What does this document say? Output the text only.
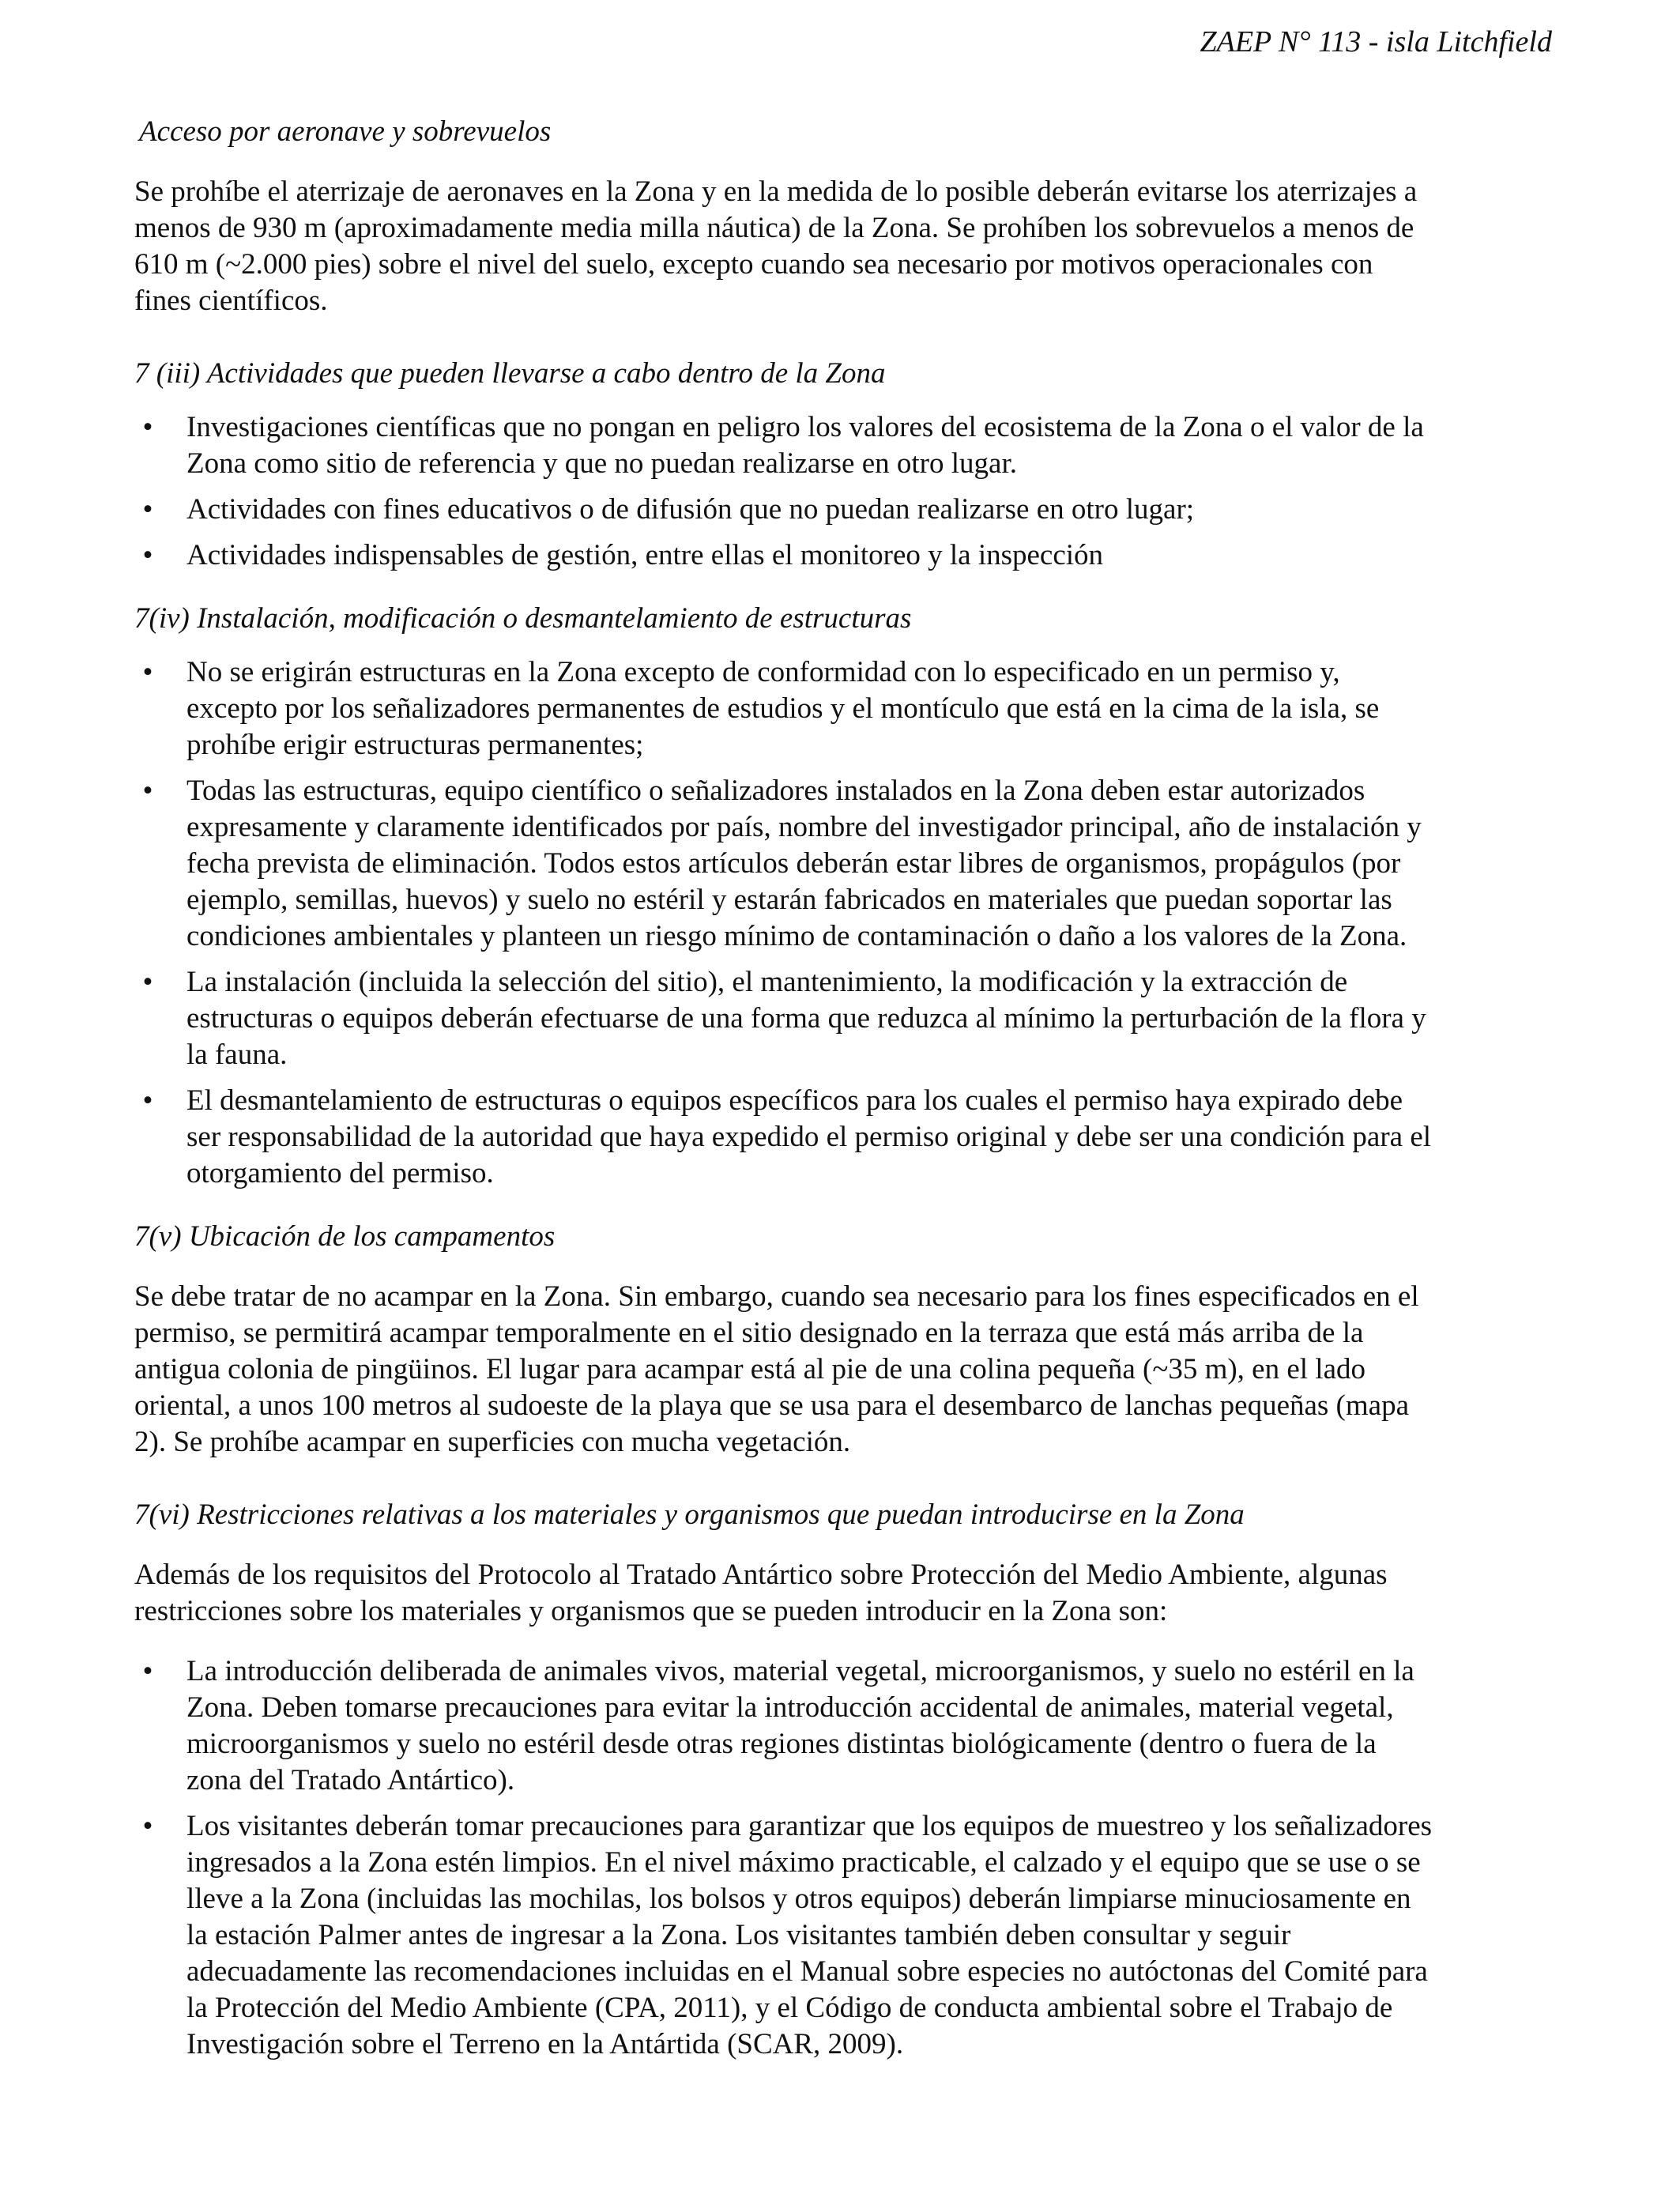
ZAEP N° 113 - isla Litchfield

Acceso por aeronave y sobrevuelos

Se prohíbe el aterrizaje de aeronaves en la Zona y en la medida de lo posible deberán evitarse los aterrizajes a
menos de 930 m (aproximadamente media milla náutica) de la Zona. Se prohíben los sobrevuelos a menos de
610 m (~2.000 pies) sobre el nivel del suelo, excepto cuando sea necesario por motivos operacionales con
fines científicos.

7 (iii) Actividades que pueden llevarse a cabo dentro de la Zona

• Investigaciones científicas que no pongan en peligro los valores del ecosistema de la Zona o el valor de la
Zona como sitio de referencia y que no puedan realizarse en otro lugar.
• Actividades con fines educativos o de difusión que no puedan realizarse en otro lugar;
• Actividades indispensables de gestión, entre ellas el monitoreo y la inspección

7(iv) Instalación, modificación o desmantelamiento de estructuras

• No se erigirán estructuras en la Zona excepto de conformidad con lo especificado en un permiso y,
excepto por los señalizadores permanentes de estudios y el montículo que está en la cima de la isla, se
prohíbe erigir estructuras permanentes;
• Todas las estructuras, equipo científico o señalizadores instalados en la Zona deben estar autorizados
expresamente y claramente identificados por país, nombre del investigador principal, año de instalación y
fecha prevista de eliminación. Todos estos artículos deberán estar libres de organismos, propágulos (por
ejemplo, semillas, huevos) y suelo no estéril y estarán fabricados en materiales que puedan soportar las
condiciones ambientales y planteen un riesgo mínimo de contaminación o daño a los valores de la Zona.
• La instalación (incluida la selección del sitio), el mantenimiento, la modificación y la extracción de
estructuras o equipos deberán efectuarse de una forma que reduzca al mínimo la perturbación de la flora y
la fauna.
• El desmantelamiento de estructuras o equipos específicos para los cuales el permiso haya expirado debe
ser responsabilidad de la autoridad que haya expedido el permiso original y debe ser una condición para el
otorgamiento del permiso.

7(v) Ubicación de los campamentos

Se debe tratar de no acampar en la Zona. Sin embargo, cuando sea necesario para los fines especificados en el
permiso, se permitirá acampar temporalmente en el sitio designado en la terraza que está más arriba de la
antigua colonia de pingüinos. El lugar para acampar está al pie de una colina pequeña (~35 m), en el lado
oriental, a unos 100 metros al sudoeste de la playa que se usa para el desembarco de lanchas pequeñas (mapa
2). Se prohíbe acampar en superficies con mucha vegetación.

7(vi) Restricciones relativas a los materiales y organismos que puedan introducirse en la Zona

Además de los requisitos del Protocolo al Tratado Antártico sobre Protección del Medio Ambiente, algunas
restricciones sobre los materiales y organismos que se pueden introducir en la Zona son:
• La introducción deliberada de animales vivos, material vegetal, microorganismos, y suelo no estéril en la
Zona. Deben tomarse precauciones para evitar la introducción accidental de animales, material vegetal,
microorganismos y suelo no estéril desde otras regiones distintas biológicamente (dentro o fuera de la
zona del Tratado Antártico).
• Los visitantes deberán tomar precauciones para garantizar que los equipos de muestreo y los señalizadores
ingresados a la Zona estén limpios. En el nivel máximo practicable, el calzado y el equipo que se use o se
lleve a la Zona (incluidas las mochilas, los bolsos y otros equipos) deberán limpiarse minuciosamente en
la estación Palmer antes de ingresar a la Zona. Los visitantes también deben consultar y seguir
adecuadamente las recomendaciones incluidas en el Manual sobre especies no autóctonas del Comité para
la Protección del Medio Ambiente (CPA, 2011), y el Código de conducta ambiental sobre el Trabajo de
Investigación sobre el Terreno en la Antártida (SCAR, 2009).
